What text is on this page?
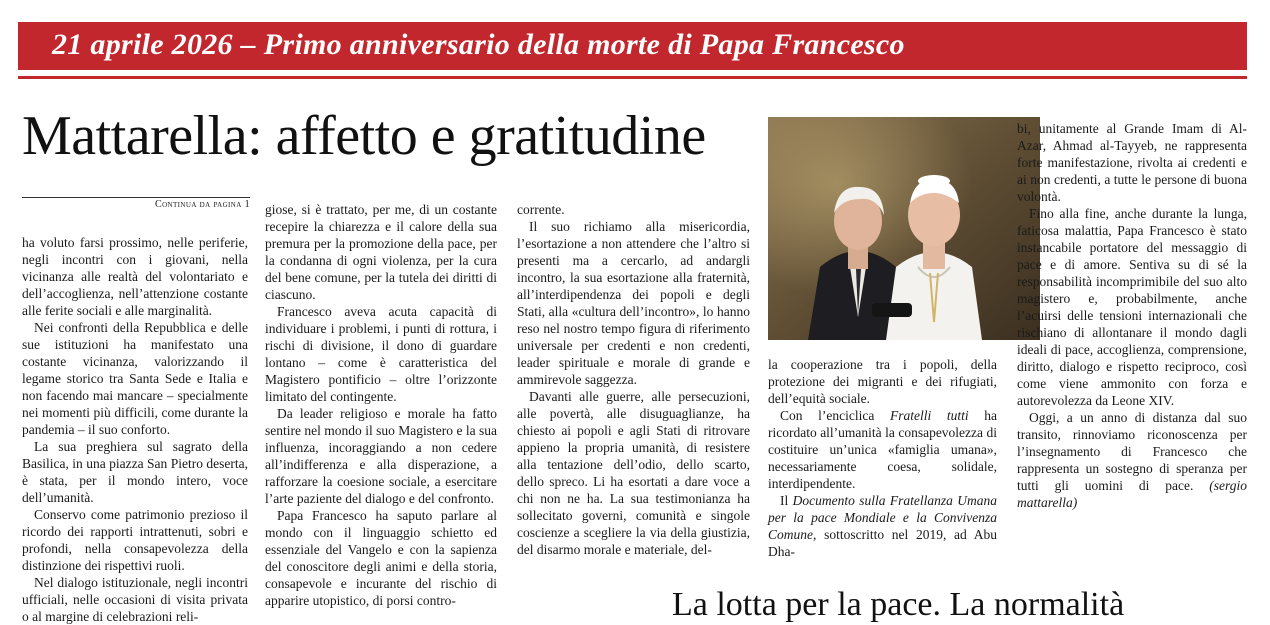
21 aprile 2026 – Primo anniversario della morte di Papa Francesco
Mattarella: affetto e gratitudine
Continua da pagina 1

ha voluto farsi prossimo, nelle periferie, negli incontri con i giovani, nella vicinanza alle realtà del volontariato e dell’accoglienza, nell’attenzione costante alle ferite sociali e alle marginalità.

Nei confronti della Repubblica e delle sue istituzioni ha manifestato una costante vicinanza, valorizzando il legame storico tra Santa Sede e Italia e non facendo mai mancare – specialmente nei momenti più difficili, come durante la pandemia – il suo conforto.

La sua preghiera sul sagrato della Basilica, in una piazza San Pietro deserta, è stata, per il mondo intero, voce dell’umanità.

Conservo come patrimonio prezioso il ricordo dei rapporti intrattenuti, sobri e profondi, nella consapevolezza della distinzione dei rispettivi ruoli.

Nel dialogo istituzionale, negli incontri ufficiali, nelle occasioni di visita privata o al margine di celebrazioni reli-

giose, si è trattato, per me, di un costante recepire la chiarezza e il calore della sua premura per la promozione della pace, per la condanna di ogni violenza, per la cura del bene comune, per la tutela dei diritti di ciascuno.

Francesco aveva acuta capacità di individuare i problemi, i punti di rottura, i rischi di divisione, il dono di guardare lontano – come è caratteristica del Magistero pontificio – oltre l’orizzonte limitato del contingente.

Da leader religioso e morale ha fatto sentire nel mondo il suo Magistero e la sua influenza, incoraggiando a non cedere all’indifferenza e alla disperazione, a rafforzare la coesione sociale, a esercitare l’arte paziente del dialogo e del confronto.

Papa Francesco ha saputo parlare al mondo con il linguaggio schietto ed essenziale del Vangelo e con la sapienza del conoscitore degli animi e della storia, consapevole e incurante del rischio di apparire utopistico, di porsi contro-

corrente.

Il suo richiamo alla misericordia, l’esortazione a non attendere che l’altro si presenti ma a cercarlo, ad andargli incontro, la sua esortazione alla fraternità, all’interdipendenza dei popoli e degli Stati, alla «cultura dell’incontro», lo hanno reso nel nostro tempo figura di riferimento universale per credenti e non credenti, leader spirituale e morale di grande e ammirevole saggezza.

Davanti alle guerre, alle persecuzioni, alle povertà, alle disuguaglianze, ha chiesto ai popoli e agli Stati di ritrovare appieno la propria umanità, di resistere alla tentazione dell’odio, dello scarto, dello spreco. Li ha esortati a dare voce a chi non ne ha. La sua testimonianza ha sollecitato governi, comunità e singole coscienze a scegliere la via della giustizia, del disarmo morale e materiale, del-

la cooperazione tra i popoli, della protezione dei migranti e dei rifugiati, dell’equità sociale.

Con l’enciclica Fratelli tutti ha ricordato all’umanità la consapevolezza di costituire un’unica «famiglia umana», necessariamente coesa, solidale, interdipendente.

Il Documento sulla Fratellanza Umana per la pace Mondiale e la Convivenza Comune, sottoscritto nel 2019, ad Abu Dha-

bi, unitamente al Grande Imam di Al-Azar, Ahmad al-Tayyeb, ne rappresenta forte manifestazione, rivolta ai credenti e ai non credenti, a tutte le persone di buona volontà.

Fino alla fine, anche durante la lunga, faticosa malattia, Papa Francesco è stato instancabile portatore del messaggio di pace e di amore. Sentiva su di sé la responsabilità incomprimibile del suo alto magistero e, probabilmente, anche l’acuirsi delle tensioni internazionali che rischiano di allontanare il mondo dagli ideali di pace, accoglienza, comprensione, diritto, dialogo e rispetto reciproco, così come viene ammonito con forza e autorevolezza da Leone XIV.

Oggi, a un anno di distanza dal suo transito, rinnoviamo riconoscenza per l’insegnamento di Francesco che rappresenta un sostegno di speranza per tutti gli uomini di pace. (sergio mattarella)

La lotta per la pace. La normalità
